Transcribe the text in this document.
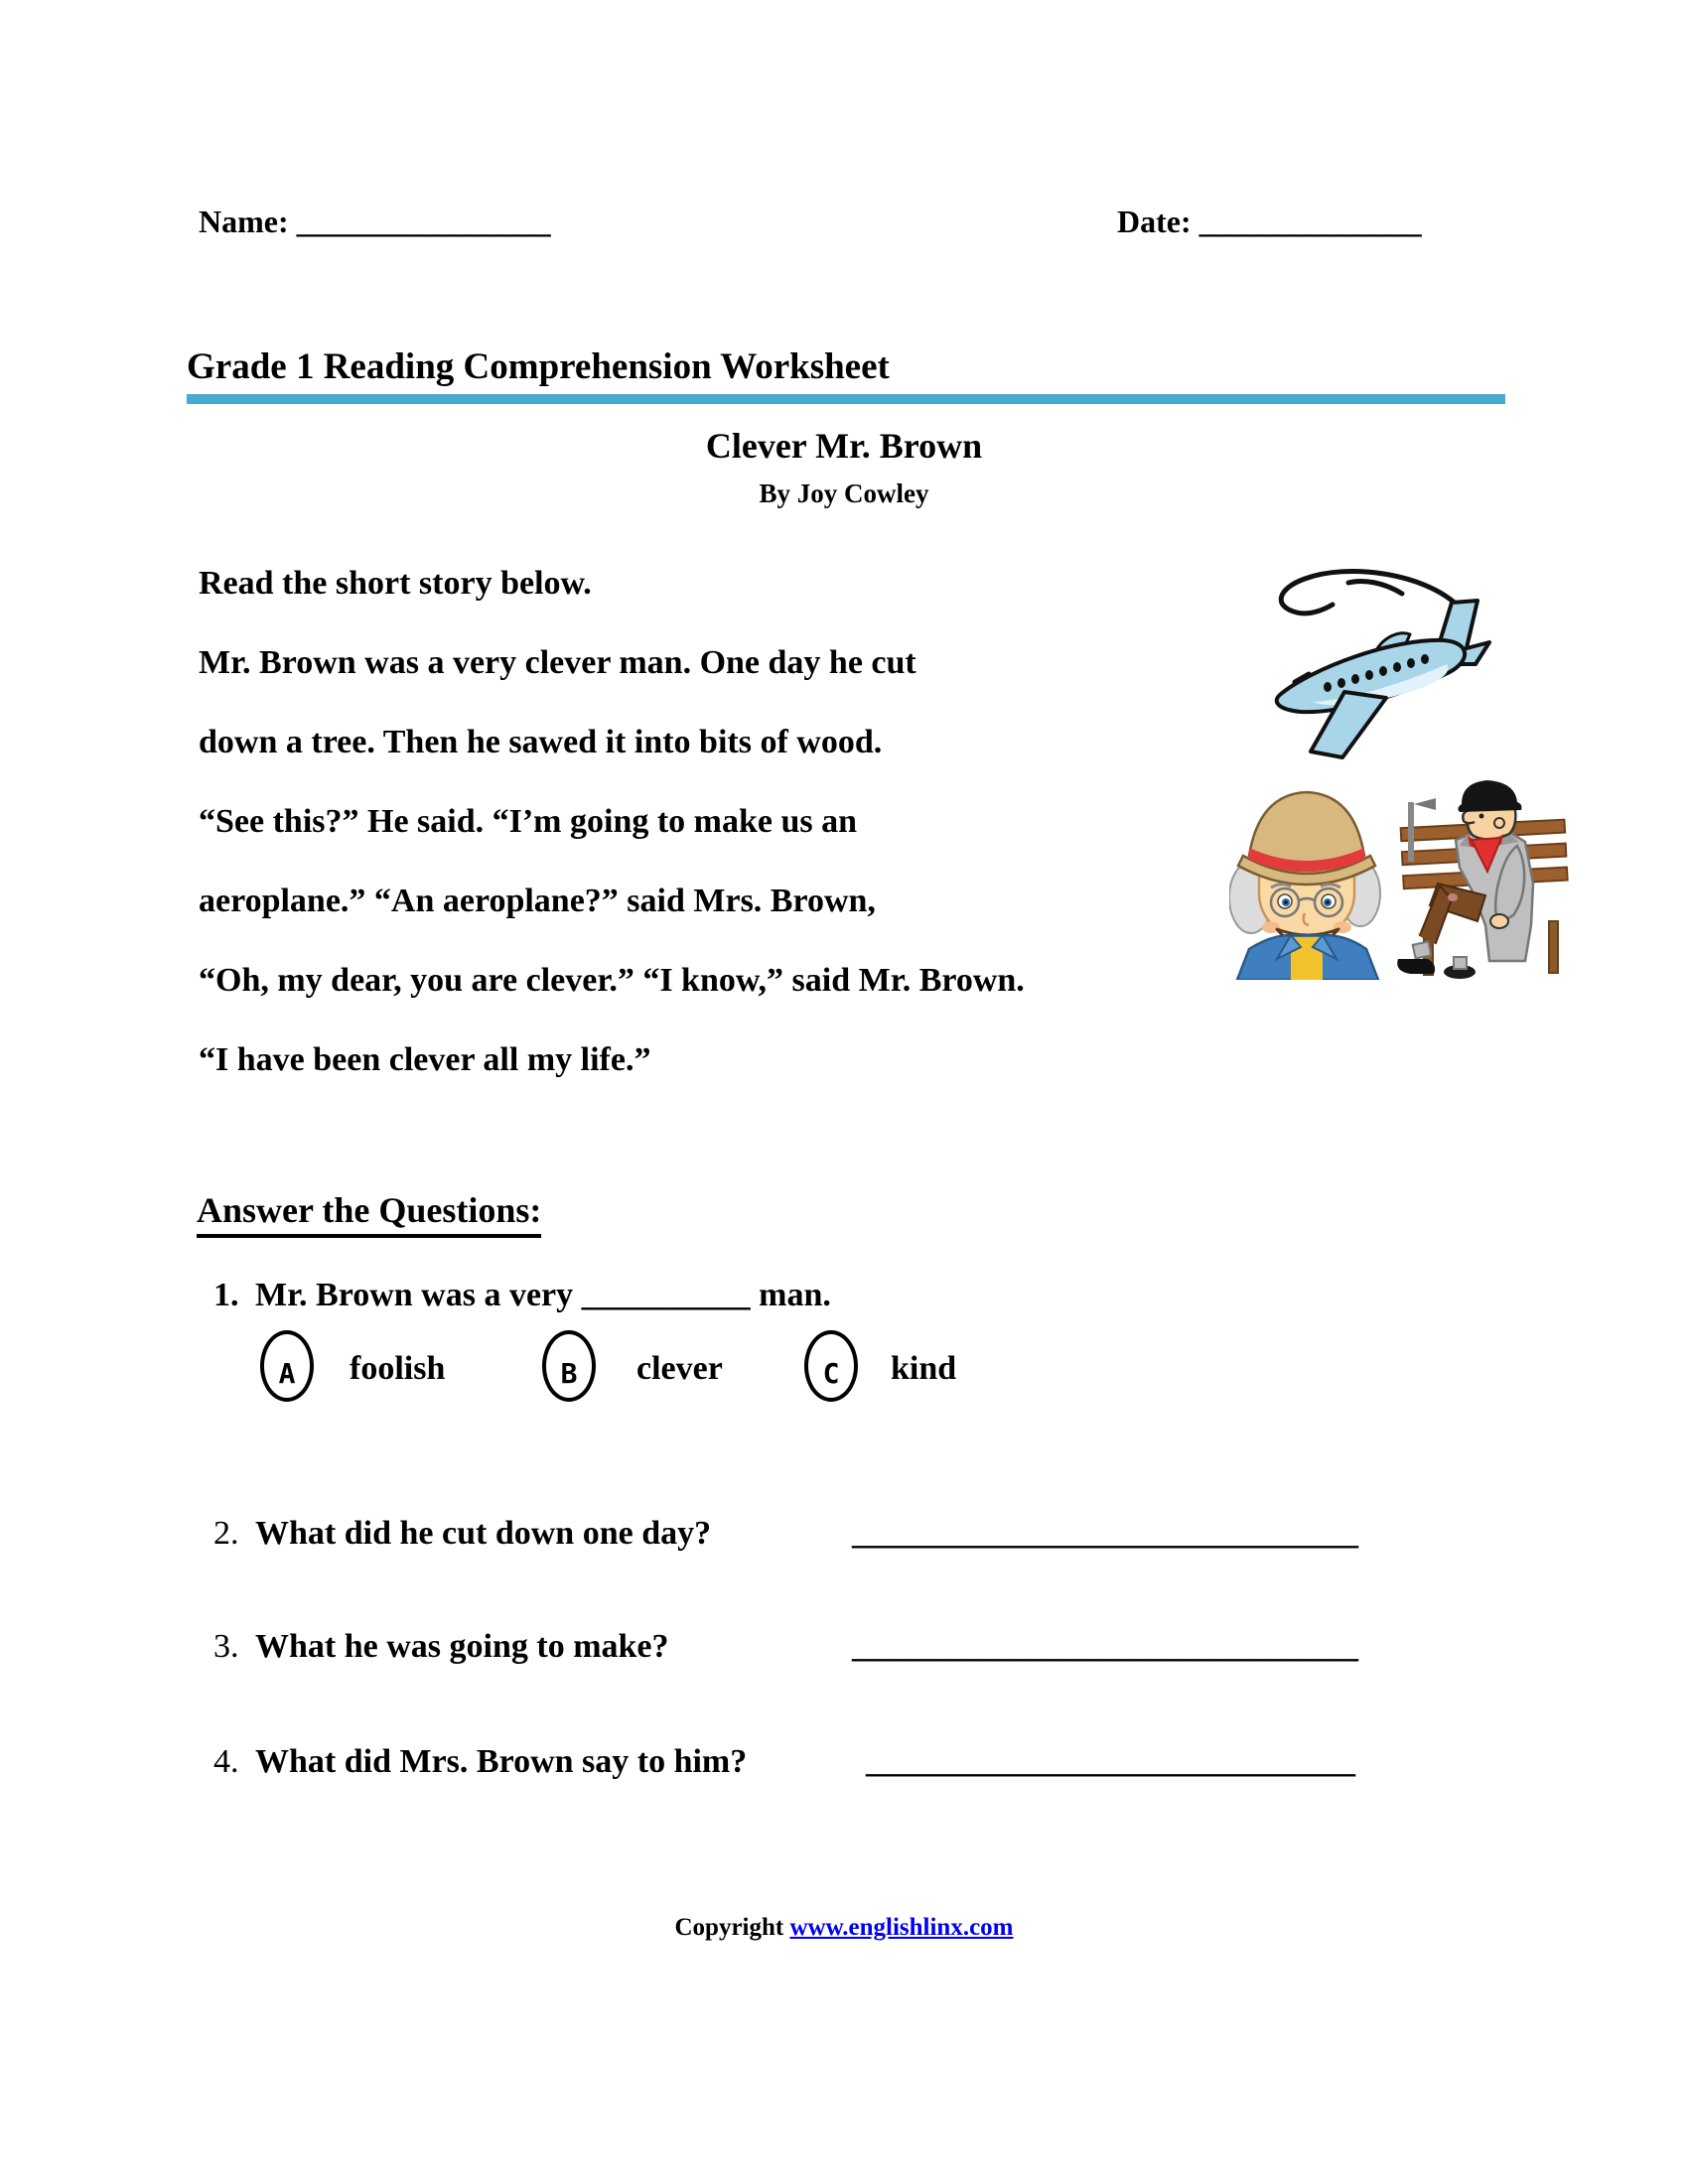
Name: ________________	Date: ______________
Grade 1 Reading Comprehension Worksheet
Clever Mr. Brown
By Joy Cowley
Read the short story below.
Mr. Brown was a very clever man. One day he cut
down a tree. Then he sawed it into bits of wood.
“See this?” He said. “I’m going to make us an
aeroplane.” “An aeroplane?” said Mrs. Brown,
“Oh, my dear, you are clever.” “I know,” said Mr. Brown.
“I have been clever all my life.”
Answer the Questions:
1. Mr. Brown was a very __________ man.
A	foolish	B	clever	C	kind
2. What did he cut down one day?	______________________________
3. What he was going to make?	______________________________
4. What did Mrs. Brown say to him?	_____________________________
Copyright www.englishlinx.com
